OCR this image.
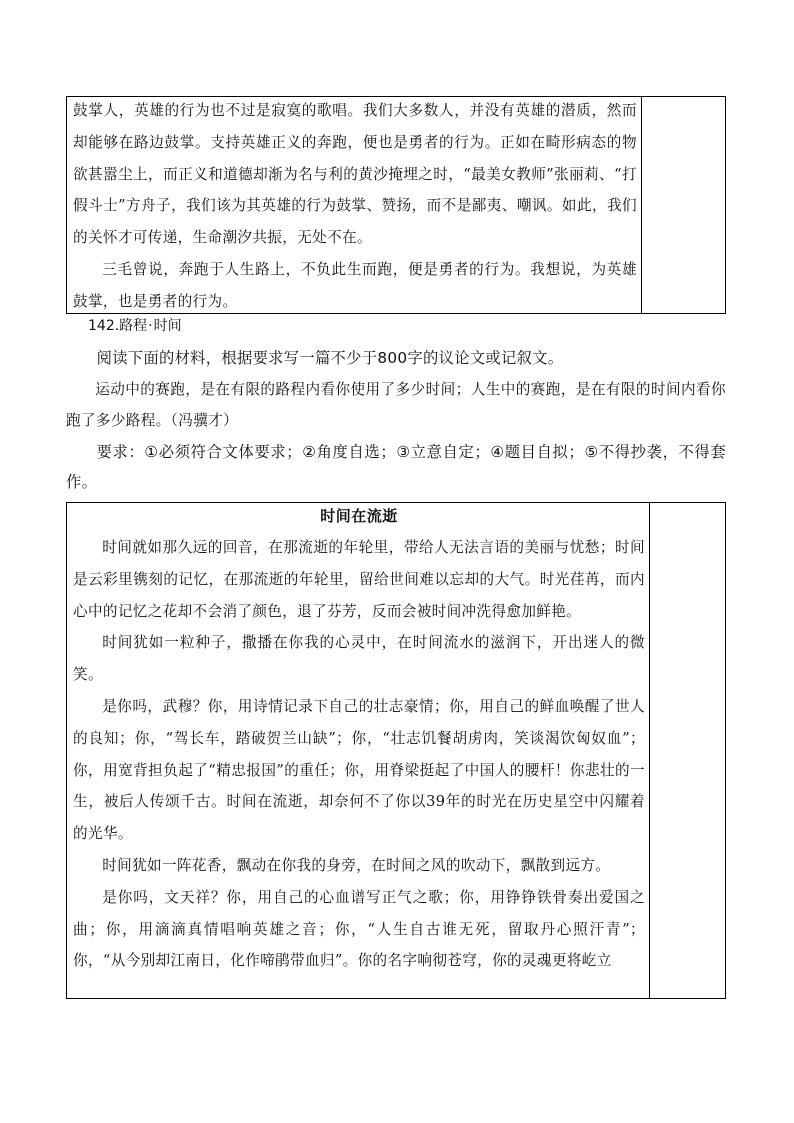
鼓掌人，英雄的行为也不过是寂寞的歌唱。我们大多数人，并没有英雄的潜质，然而却能够在路边鼓掌。支持英雄正义的奔跑，便也是勇者的行为。正如在畸形病态的物欲甚嚣尘上，而正义和道德却渐为名与利的黄沙掩埋之时，“最美女教师”张丽莉、“打假斗士”方舟子，我们该为其英雄的行为鼓掌、赞扬，而不是鄙夷、嘲讽。如此，我们的关怀才可传递，生命潮汐共振，无处不在。

三毛曾说，奔跑于人生路上，不负此生而跑，便是勇者的行为。我想说，为英雄鼓掌，也是勇者的行为。

142.路程·时间

阅读下面的材料，根据要求写一篇不少于800字的议论文或记叙文。

运动中的赛跑，是在有限的路程内看你使用了多少时间；人生中的赛跑，是在有限的时间内看你跑了多少路程。（冯骥才）

要求：①必须符合文体要求；②角度自选；③立意自定；④题目自拟；⑤不得抄袭，不得套作。

时间在流逝

时间就如那久远的回音，在那流逝的年轮里，带给人无法言语的美丽与忧愁；时间是云彩里镌刻的记忆，在那流逝的年轮里，留给世间难以忘却的大气。时光荏苒，而内心中的记忆之花却不会消了颜色，退了芬芳，反而会被时间冲洗得愈加鲜艳。

时间犹如一粒种子，撒播在你我的心灵中，在时间流水的滋润下，开出迷人的微笑。

是你吗，武穆？你，用诗情记录下自己的壮志豪情；你，用自己的鲜血唤醒了世人的良知；你，“驾长车，踏破贺兰山缺”；你，“壮志饥餐胡虏肉，笑谈渴饮匈奴血”；你，用宽背担负起了“精忠报国”的重任；你，用脊梁挺起了中国人的腰杆！你悲壮的一生，被后人传颂千古。时间在流逝，却奈何不了你以39年的时光在历史星空中闪耀着的光华。

时间犹如一阵花香，飘动在你我的身旁，在时间之风的吹动下，飘散到远方。

是你吗，文天祥？你，用自己的心血谱写正气之歌；你，用铮铮铁骨奏出爱国之曲；你，用滴滴真情唱响英雄之音；你，“人生自古谁无死，留取丹心照汗青”；你，“从今别却江南日，化作啼鹃带血归”。你的名字响彻苍穹，你的灵魂更将屹立
